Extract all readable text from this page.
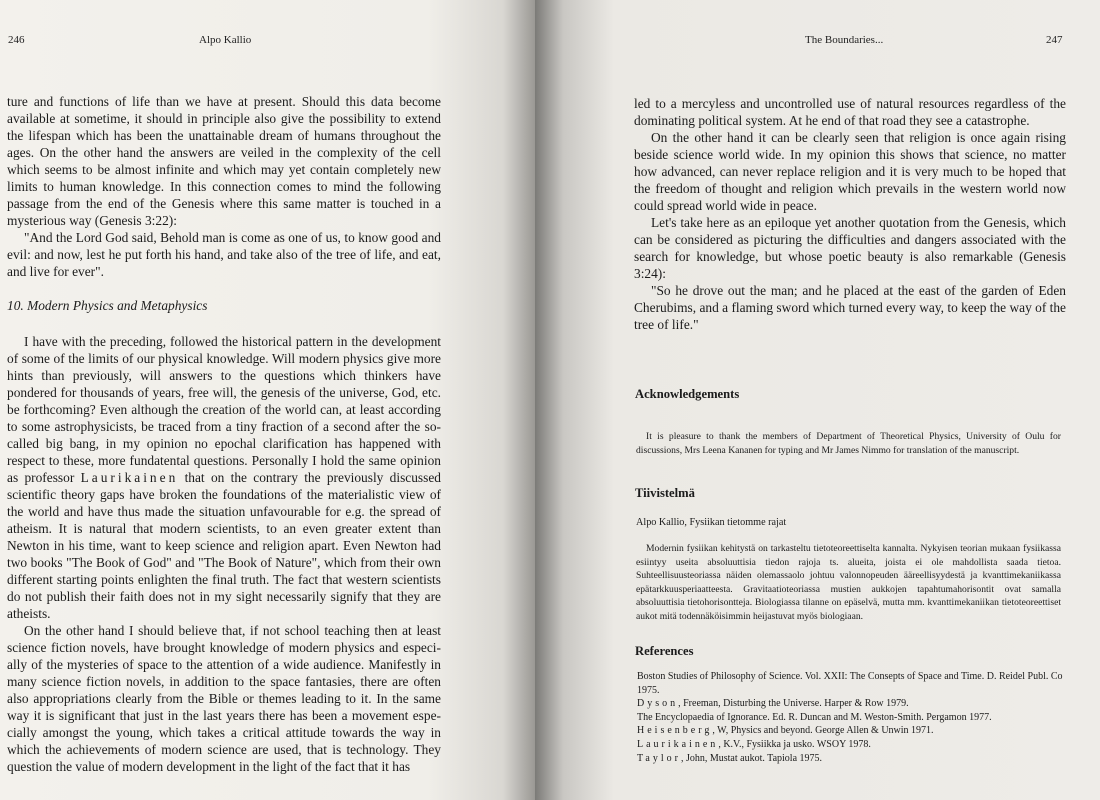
246	Alpo Kallio

ture and functions of life than we have at present. Should this data become available at sometime, it should in principle also give the possibility to extend the lifespan which has been the unattainable dream of humans throughout the ages. On the other hand the answers are veiled in the complexity of the cell which seems to be almost infinite and which may yet contain completely new limits to human knowledge. In this connection comes to mind the following passage from the end of the Genesis where this same matter is touched in a mysterious way (Genesis 3:22):

"And the Lord God said, Behold man is come as one of us, to know good and evil: and now, lest he put forth his hand, and take also of the tree of life, and eat, and live for ever".

10. Modern Physics and Metaphysics

I have with the preceding, followed the historical pattern in the development of some of the limits of our physical knowledge. Will modern physics give more hints than previously, will answers to the questions which thinkers have pondered for thousands of years, free will, the genesis of the universe, God, etc. be forthcoming? Even although the creation of the world can, at least according to some astrophysicists, be traced from a tiny fraction of a second after the so-called big bang, in my opinion no epochal clarification has happened with respect to these, more fundatental questions. Personally I hold the same opinion as professor Laurikainen that on the contrary the previously discussed scientific theory gaps have broken the foundations of the materialistic view of the world and have thus made the situation unfavourable for e.g. the spread of atheism. It is natural that modern scientists, to an even greater extent than Newton in his time, want to keep science and religion apart. Even Newton had two books "The Book of God" and "The Book of Nature", which from their own different starting points enlighten the final truth. The fact that western scientists do not publish their faith does not in my sight necessarily signify that they are atheists.

On the other hand I should believe that, if not school teaching then at least science fiction novels, have brought knowledge of modern physics and especially of the mysteries of space to the attention of a wide audience. Manifestly in many science fiction novels, in addition to the space fantasies, there are often also appropriations clearly from the Bible or themes leading to it. In the same way it is significant that just in the last years there has been a movement especially amongst the young, which takes a critical attitude towards the way in which the achievements of modern science are used, that is technology. They question the value of modern development in the light of the fact that it has

The Boundaries...	247

led to a mercyless and uncontrolled use of natural resources regardless of the dominating political system. At he end of that road they see a catastrophe.

On the other hand it can be clearly seen that religion is once again rising beside science world wide. In my opinion this shows that science, no matter how advanced, can never replace religion and it is very much to be hoped that the freedom of thought and religion which prevails in the western world now could spread world wide in peace.

Let's take here as an epiloque yet another quotation from the Genesis, which can be considered as picturing the difficulties and dangers associated with the search for knowledge, but whose poetic beauty is also remarkable (Genesis 3:24):

"So he drove out the man; and he placed at the east of the garden of Eden Cherubims, and a flaming sword which turned every way, to keep the way of the tree of life."

Acknowledgements

It is pleasure to thank the members of Department of Theoretical Physics, University of Oulu for discussions, Mrs Leena Kananen for typing and Mr James Nimmo for translation of the manuscript.

Tiivistelmä

Alpo Kallio, Fysiikan tietomme rajat

Modernin fysiikan kehitystä on tarkasteltu tietoteoreettiselta kannalta. Nykyisen teorian mukaan fysiikassa esiintyy useita absoluuttisia tiedon rajoja ts. alueita, joista ei ole mahdollista saada tietoa. Suhteellisuusteoriassa näiden olemassaolo johtuu valonnopeuden ääreellisyydestä ja kvanttimekaniikassa epätarkkuusperiaatteesta. Gravitaatioteoriassa mustien aukkojen tapahtumahorisontit ovat samalla absoluuttisia tietohorisontteja. Biologiassa tilanne on epäselvä, mutta mm. kvanttimekaniikan tietoteoreettiset aukot mitä todennäköisimmin heijastuvat myös biologiaan.

References

Boston Studies of Philosophy of Science. Vol. XXII: The Consepts of Space and Time. D. Reidel Publ. Co 1975.

Dyson, Freeman, Disturbing the Universe. Harper & Row 1979.

The Encyclopaedia of Ignorance. Ed. R. Duncan and M. Weston-Smith. Pergamon 1977.

Heisenberg, W, Physics and beyond. George Allen & Unwin 1971.

Laurikainen, K.V., Fysiikka ja usko. WSOY 1978.

Taylor, John, Mustat aukot. Tapiola 1975.
